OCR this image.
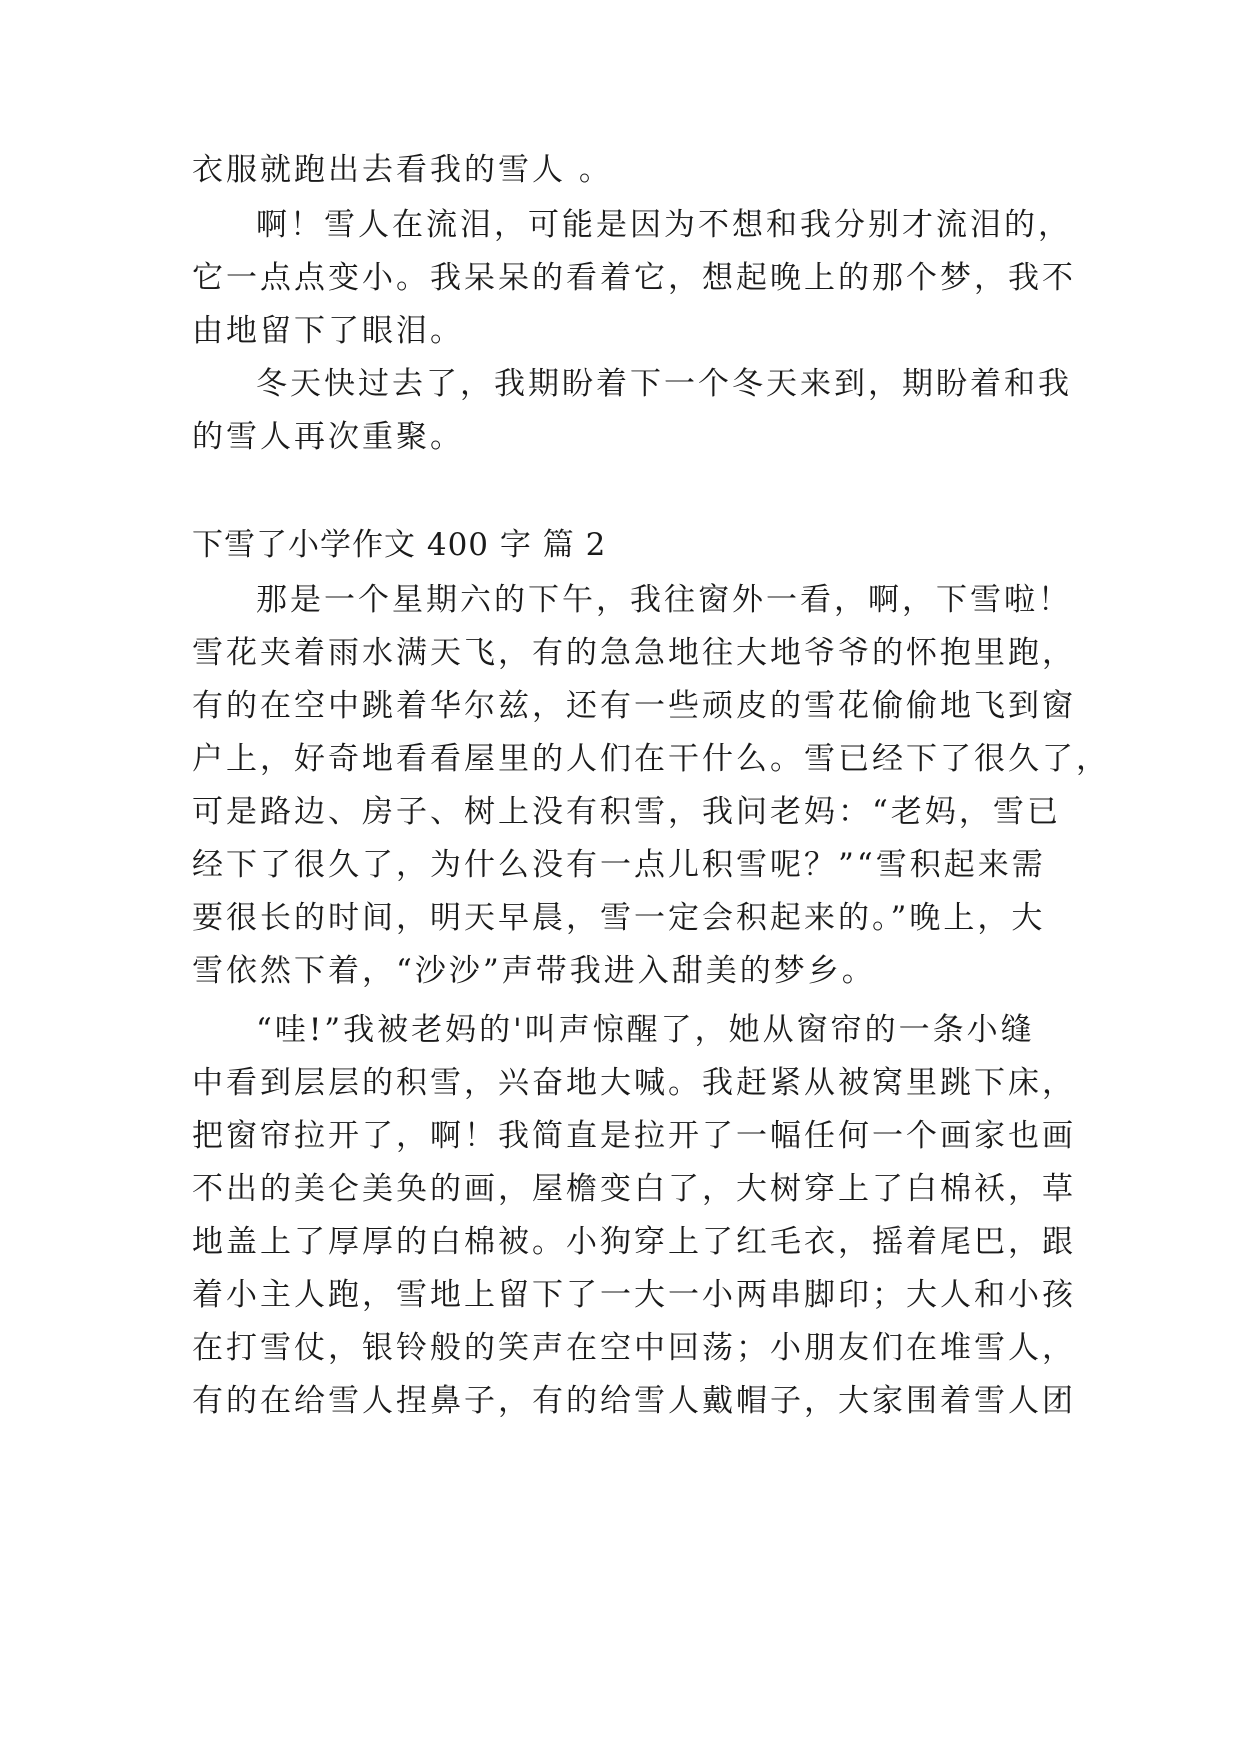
衣服就跑出去看我的雪人 。
啊！雪人在流泪，可能是因为不想和我分别才流泪的，
它一点点变小。我呆呆的看着它，想起晚上的那个梦，我不
由地留下了眼泪。
冬天快过去了，我期盼着下一个冬天来到，期盼着和我
的雪人再次重聚。
下雪了小学作文 400 字 篇 2
那是一个星期六的下午，我往窗外一看，啊，下雪啦！
雪花夹着雨水满天飞，有的急急地往大地爷爷的怀抱里跑，
有的在空中跳着华尔兹，还有一些顽皮的雪花偷偷地飞到窗
户上，好奇地看看屋里的人们在干什么。雪已经下了很久了，
可是路边、房子、树上没有积雪，我问老妈：“老妈，雪已
经下了很久了，为什么没有一点儿积雪呢？”“雪积起来需
要很长的时间，明天早晨，雪一定会积起来的。”晚上，大
雪依然下着，“沙沙”声带我进入甜美的梦乡。
“哇!”我被老妈的'叫声惊醒了，她从窗帘的一条小缝
中看到层层的积雪，兴奋地大喊。我赶紧从被窝里跳下床，
把窗帘拉开了，啊！我简直是拉开了一幅任何一个画家也画
不出的美仑美奂的画，屋檐变白了，大树穿上了白棉袄，草
地盖上了厚厚的白棉被。小狗穿上了红毛衣，摇着尾巴，跟
着小主人跑，雪地上留下了一大一小两串脚印；大人和小孩
在打雪仗，银铃般的笑声在空中回荡；小朋友们在堆雪人，
有的在给雪人捏鼻子，有的给雪人戴帽子，大家围着雪人团
